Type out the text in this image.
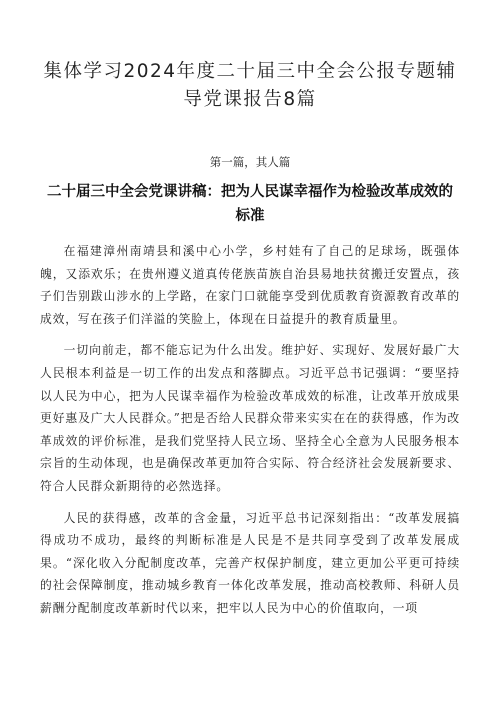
集体学习2024年度二十届三中全会公报专题辅导党课报告8篇
第一篇，其人篇
二十届三中全会党课讲稿：把为人民谋幸福作为检验改革成效的标准

在福建漳州南靖县和溪中心小学，乡村娃有了自己的足球场，既强体魄，又添欢乐；在贵州遵义道真传佬族苗族自治县易地扶贫搬迁安置点，孩子们告别跋山涉水的上学路，在家门口就能享受到优质教育资源教育改革的成效，写在孩子们洋溢的笑脸上，体现在日益提升的教育质量里。

一切向前走，都不能忘记为什么出发。维护好、实现好、发展好最广大人民根本利益是一切工作的出发点和落脚点。习近平总书记强调：“要坚持以人民为中心，把为人民谋幸福作为检验改革成效的标准，让改革开放成果更好惠及广大人民群众。”把是否给人民群众带来实实在在的获得感，作为改革成效的评价标准，是我们党坚持人民立场、坚持全心全意为人民服务根本宗旨的生动体现，也是确保改革更加符合实际、符合经济社会发展新要求、符合人民群众新期待的必然选择。

人民的获得感，改革的含金量，习近平总书记深刻指出：“改革发展搞得成功不成功，最终的判断标准是人民是不是共同享受到了改革发展成果。“深化收入分配制度改革，完善产权保护制度，建立更加公平更可持续的社会保障制度，推动城乡教育一体化改革发展，推动高校教师、科研人员薪酬分配制度改革新时代以来，把牢以人民为中心的价值取向，一项
